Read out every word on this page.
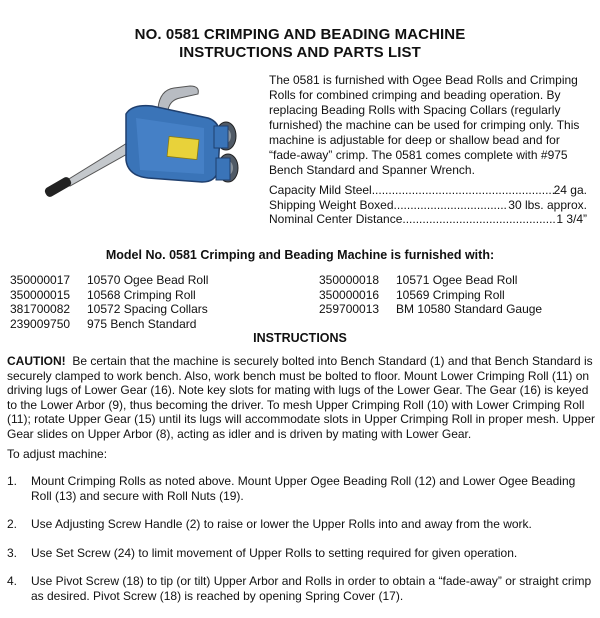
NO. 0581 CRIMPING AND BEADING MACHINE
INSTRUCTIONS AND PARTS LIST
The 0581 is furnished with Ogee Bead Rolls and Crimping Rolls for combined crimping and beading operation. By replacing Beading Rolls with Spacing Collars (regularly furnished) the machine can be used for crimping only. This machine is adjustable for deep or shallow bead and for “fade-away” crimp. The 0581 comes complete with #975 Bench Standard and Spanner Wrench.
Capacity Mild Steel .....	24 ga.
Shipping Weight Boxed .....	30 lbs. approx.
Nominal Center Distance .....	1 3/4”
Model No. 0581 Crimping and Beading Machine is furnished with:
350000017 10570 Ogee Bead Roll
350000015 10568 Crimping Roll
381700082 10572 Spacing Collars
239009750 975 Bench Standard
350000018 10571 Ogee Bead Roll
350000016 10569 Crimping Roll
259700013 BM 10580 Standard Gauge
INSTRUCTIONS
CAUTION! Be certain that the machine is securely bolted into Bench Standard (1) and that Bench Standard is securely clamped to work bench. Also, work bench must be bolted to floor. Mount Lower Crimping Roll (11) on driving lugs of Lower Gear (16). Note key slots for mating with lugs of the Lower Gear. The Gear (16) is keyed to the Lower Arbor (9), thus becoming the driver. To mesh Upper Crimping Roll (10) with Lower Crimping Roll (11); rotate Upper Gear (15) until its lugs will accommodate slots in Upper Crimping Roll in proper mesh. Upper Gear slides on Upper Arbor (8), acting as idler and is driven by mating with Lower Gear.
To adjust machine:
1. Mount Crimping Rolls as noted above. Mount Upper Ogee Beading Roll (12) and Lower Ogee Beading Roll (13) and secure with Roll Nuts (19).
2. Use Adjusting Screw Handle (2) to raise or lower the Upper Rolls into and away from the work.
3. Use Set Screw (24) to limit movement of Upper Rolls to setting required for given operation.
4. Use Pivot Screw (18) to tip (or tilt) Upper Arbor and Rolls in order to obtain a “fade-away” or straight crimp as desired. Pivot Screw (18) is reached by opening Spring Cover (17).
